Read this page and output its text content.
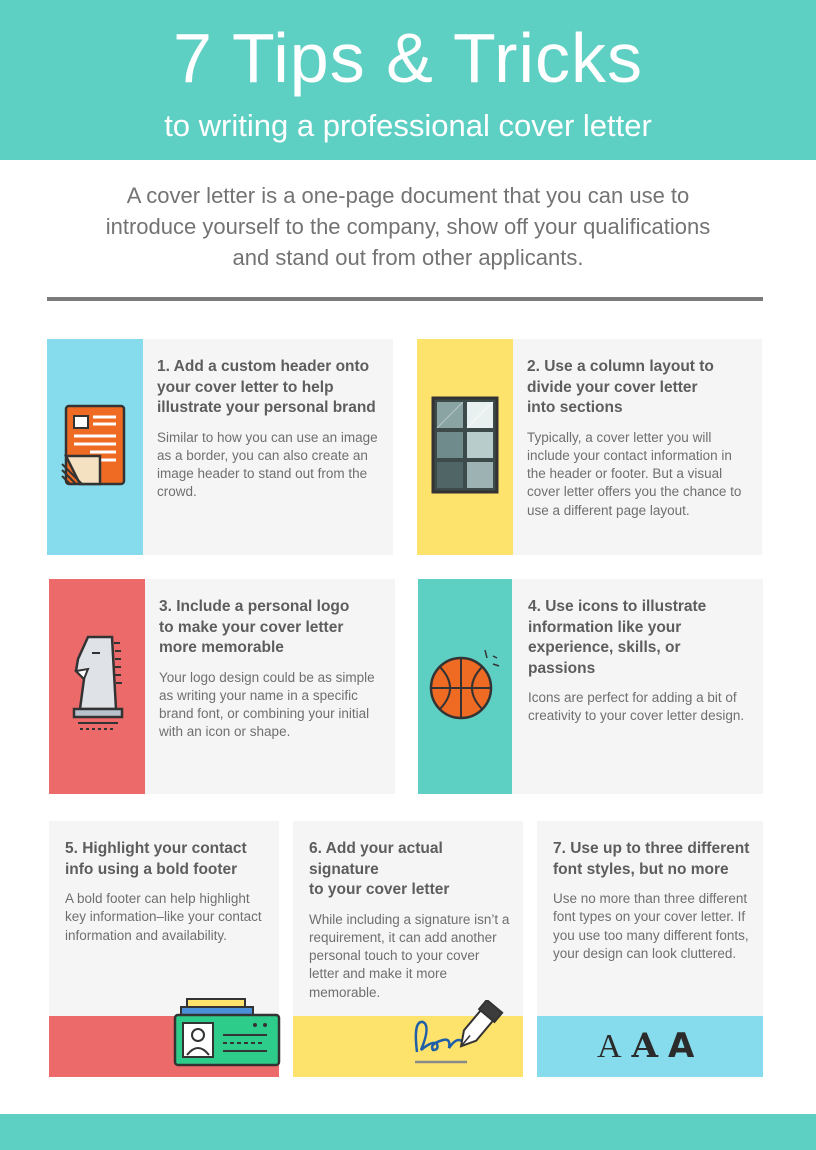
7 Tips & Tricks
to writing a professional cover letter
A cover letter is a one-page document that you can use to
introduce yourself to the company, show off your qualifications
and stand out from other applicants.
1. Add a custom header onto
your cover letter to help
illustrate your personal brand

Similar to how you can use an image as a border, you can also create an image header to stand out from the crowd.

2. Use a column layout to
divide your cover letter
into sections

Typically, a cover letter you will include your contact information in the header or footer. But a visual cover letter offers you the chance to use a different page layout.

3. Include a personal logo
to make your cover letter
more memorable

Your logo design could be as simple as writing your name in a specific brand font, or combining your initial with an icon or shape.

4. Use icons to illustrate
information like your
experience, skills, or passions

Icons are perfect for adding a bit of creativity to your cover letter design.

5. Highlight your contact
info using a bold footer

A bold footer can help highlight key information–like your contact information and availability.

6. Add your actual signature
to your cover letter

While including a signature isn’t a requirement, it can add another personal touch to your cover letter and make it more memorable.

7. Use up to three different
font styles, but no more

Use no more than three different font types on your cover letter. If you use too many different fonts, your design can look cluttered.

A A A
